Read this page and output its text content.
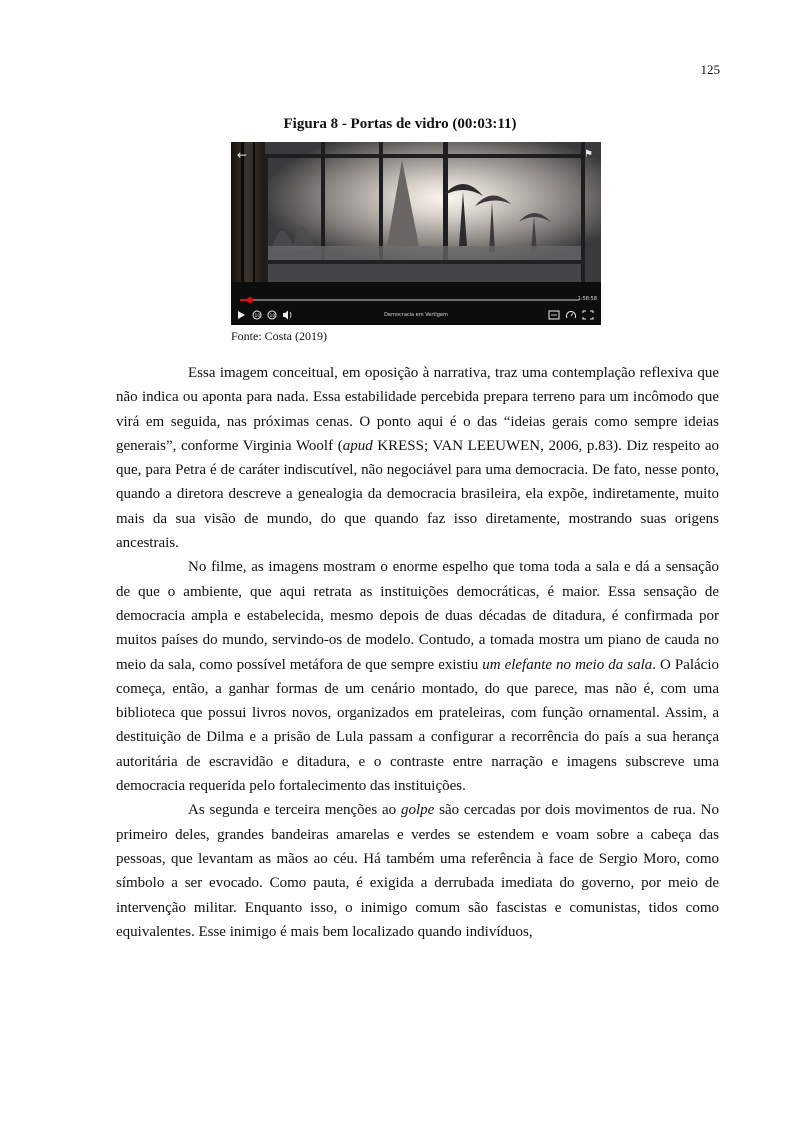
125
Figura 8 - Portas de vidro (00:03:11)
←	⚑
1:58:58
10 10	Democracia em Vertigem
Fonte: Costa (2019)

Essa imagem conceitual, em oposição à narrativa, traz uma contemplação reflexiva que não indica ou aponta para nada. Essa estabilidade percebida prepara terreno para um incômodo que virá em seguida, nas próximas cenas. O ponto aqui é o das “ideias gerais como sempre ideias generais”, conforme Virginia Woolf (apud KRESS; VAN LEEUWEN, 2006, p.83). Diz respeito ao que, para Petra é de caráter indiscutível, não negociável para uma democracia. De fato, nesse ponto, quando a diretora descreve a genealogia da democracia brasileira, ela expõe, indiretamente, muito mais da sua visão de mundo, do que quando faz isso diretamente, mostrando suas origens ancestrais.

No filme, as imagens mostram o enorme espelho que toma toda a sala e dá a sensação de que o ambiente, que aqui retrata as instituições democráticas, é maior. Essa sensação de democracia ampla e estabelecida, mesmo depois de duas décadas de ditadura, é confirmada por muitos países do mundo, servindo-os de modelo. Contudo, a tomada mostra um piano de cauda no meio da sala, como possível metáfora de que sempre existiu um elefante no meio da sala. O Palácio começa, então, a ganhar formas de um cenário montado, do que parece, mas não é, com uma biblioteca que possui livros novos, organizados em prateleiras, com função ornamental. Assim, a destituição de Dilma e a prisão de Lula passam a configurar a recorrência do país a sua herança autoritária de escravidão e ditadura, e o contraste entre narração e imagens subscreve uma democracia requerida pelo fortalecimento das instituições.

As segunda e terceira menções ao golpe são cercadas por dois movimentos de rua. No primeiro deles, grandes bandeiras amarelas e verdes se estendem e voam sobre a cabeça das pessoas, que levantam as mãos ao céu. Há também uma referência à face de Sergio Moro, como símbolo a ser evocado. Como pauta, é exigida a derrubada imediata do governo, por meio de intervenção militar. Enquanto isso, o inimigo comum são fascistas e comunistas, tidos como equivalentes. Esse inimigo é mais bem localizado quando indivíduos,
